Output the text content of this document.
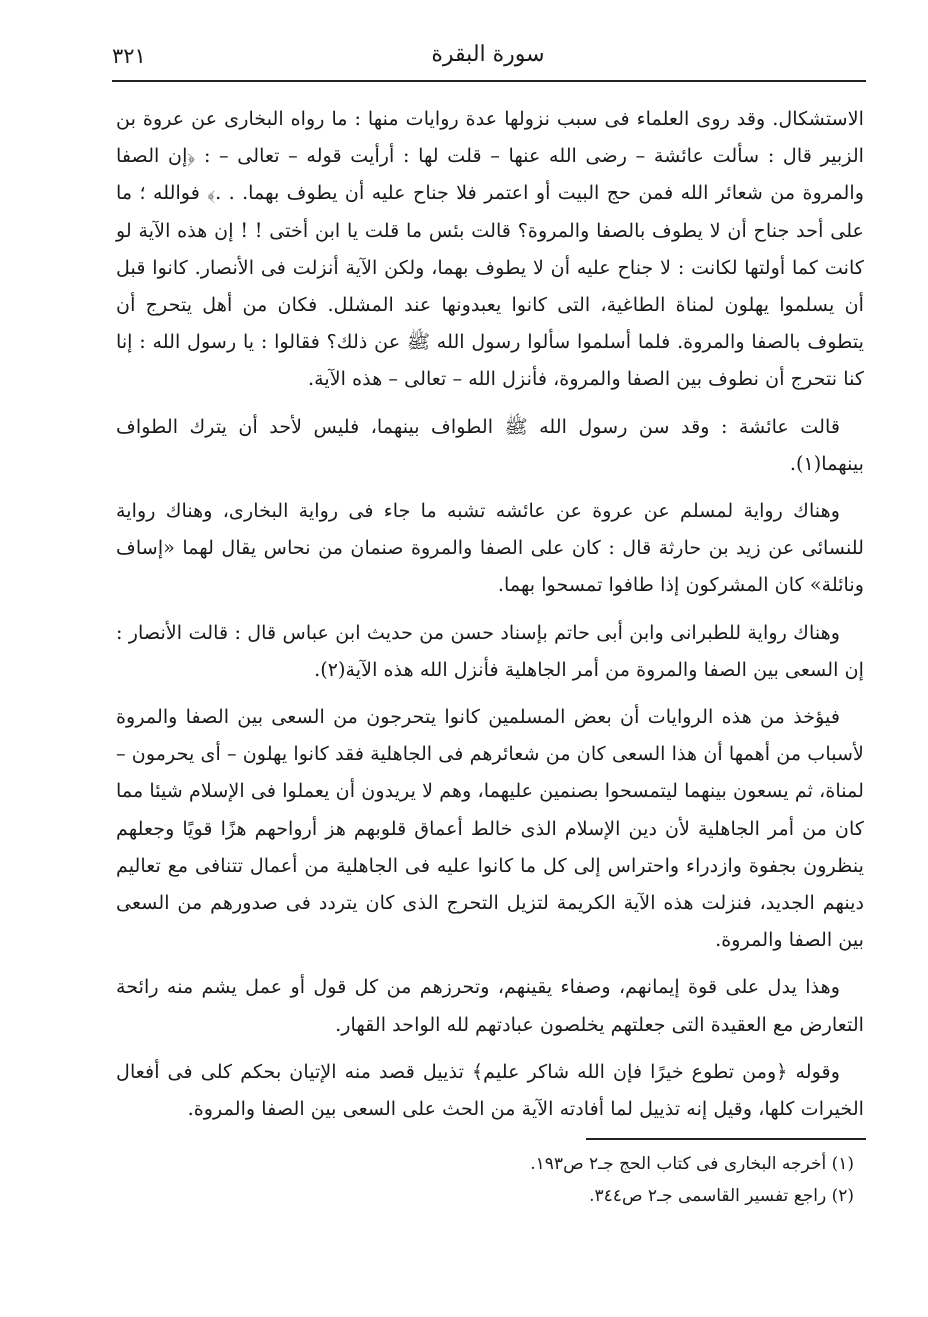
٣٢١	سورة البقرة

الاستشكال. وقد روى العلماء فى سبب نزولها عدة روايات منها : ما رواه البخارى عن عروة بن الزبير قال : سألت عائشة – رضى الله عنها – قلت لها : أرأيت قوله – تعالى – : ﴿إن الصفا والمروة من شعائر الله فمن حج البيت أو اعتمر فلا جناح عليه أن يطوف بهما. . .﴾ فوالله ؛ ما على أحد جناح أن لا يطوف بالصفا والمروة؟ قالت بئس ما قلت يا ابن أختى ! ! إن هذه الآية لو كانت كما أولتها لكانت : لا جناح عليه أن لا يطوف بهما، ولكن الآية أنزلت فى الأنصار. كانوا قبل أن يسلموا يهلون لمناة الطاغية، التى كانوا يعبدونها عند المشلل. فكان من أهل يتحرج أن يتطوف بالصفا والمروة. فلما أسلموا سألوا رسول الله ﷺ عن ذلك؟ فقالوا : يا رسول الله : إنا كنا نتحرج أن نطوف بين الصفا والمروة، فأنزل الله – تعالى – هذه الآية.

قالت عائشة : وقد سن رسول الله ﷺ الطواف بينهما، فليس لأحد أن يترك الطواف بينهما(١).

وهناك رواية لمسلم عن عروة عن عائشه تشبه ما جاء فى رواية البخارى، وهناك رواية للنسائى عن زيد بن حارثة قال : كان على الصفا والمروة صنمان من نحاس يقال لهما «إساف ونائلة» كان المشركون إذا طافوا تمسحوا بهما.

وهناك رواية للطبرانى وابن أبى حاتم بإسناد حسن من حديث ابن عباس قال : قالت الأنصار : إن السعى بين الصفا والمروة من أمر الجاهلية فأنزل الله هذه الآية(٢).

فيؤخذ من هذه الروايات أن بعض المسلمين كانوا يتحرجون من السعى بين الصفا والمروة لأسباب من أهمها أن هذا السعى كان من شعائرهم فى الجاهلية فقد كانوا يهلون – أى يحرمون – لمناة، ثم يسعون بينهما ليتمسحوا بصنمين عليهما، وهم لا يريدون أن يعملوا فى الإسلام شيئا مما كان من أمر الجاهلية لأن دين الإسلام الذى خالط أعماق قلوبهم هز أرواحهم هزًا قويًا وجعلهم ينظرون بجفوة وازدراء واحتراس إلى كل ما كانوا عليه فى الجاهلية من أعمال تتنافى مع تعاليم دينهم الجديد، فنزلت هذه الآية الكريمة لتزيل التحرج الذى كان يتردد فى صدورهم من السعى بين الصفا والمروة.

وهذا يدل على قوة إيمانهم، وصفاء يقينهم، وتحرزهم من كل قول أو عمل يشم منه رائحة التعارض مع العقيدة التى جعلتهم يخلصون عبادتهم لله الواحد القهار.

وقوله ﴿ومن تطوع خيرًا فإن الله شاكر عليم﴾ تذييل قصد منه الإتيان بحكم كلى فى أفعال الخيرات كلها، وقيل إنه تذييل لما أفادته الآية من الحث على السعى بين الصفا والمروة.

(١) أخرجه البخارى فى كتاب الحج جـ٢ ص١٩٣.

(٢) راجع تفسير القاسمى جـ٢ ص٣٤٤.
